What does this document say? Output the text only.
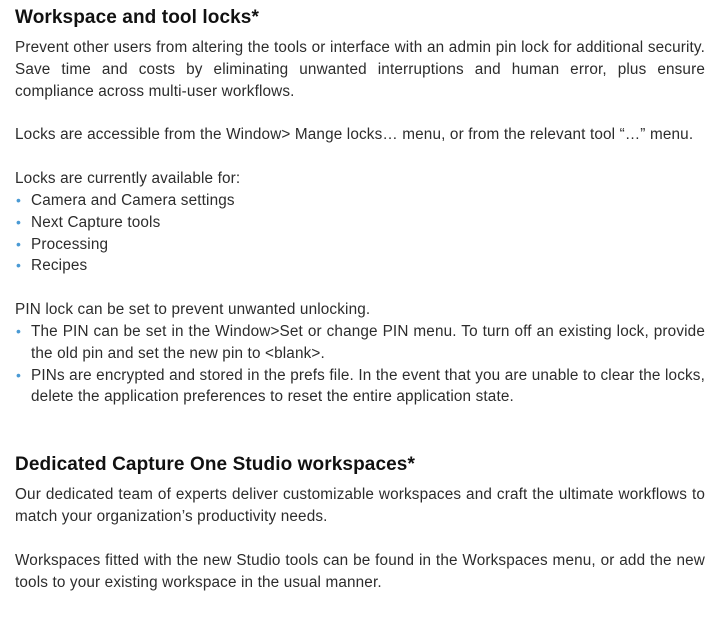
Workspace and tool locks*

Prevent other users from altering the tools or interface with an admin pin lock for additional security. Save time and costs by eliminating unwanted interruptions and human error, plus ensure compliance across multi-user workflows.

Locks are accessible from the Window> Mange locks… menu, or from the relevant tool “…” menu.

Locks are currently available for:

• Camera and Camera settings
• Next Capture tools
• Processing
• Recipes

PIN lock can be set to prevent unwanted unlocking.

• The PIN can be set in the Window>Set or change PIN menu. To turn off an existing lock, provide the old pin and set the new pin to <blank>.
• PINs are encrypted and stored in the prefs file. In the event that you are unable to clear the locks, delete the application preferences to reset the entire application state.
Dedicated Capture One Studio workspaces*

Our dedicated team of experts deliver customizable workspaces and craft the ultimate workflows to match your organization’s productivity needs.

Workspaces fitted with the new Studio tools can be found in the Workspaces menu, or add the new tools to your existing workspace in the usual manner.
